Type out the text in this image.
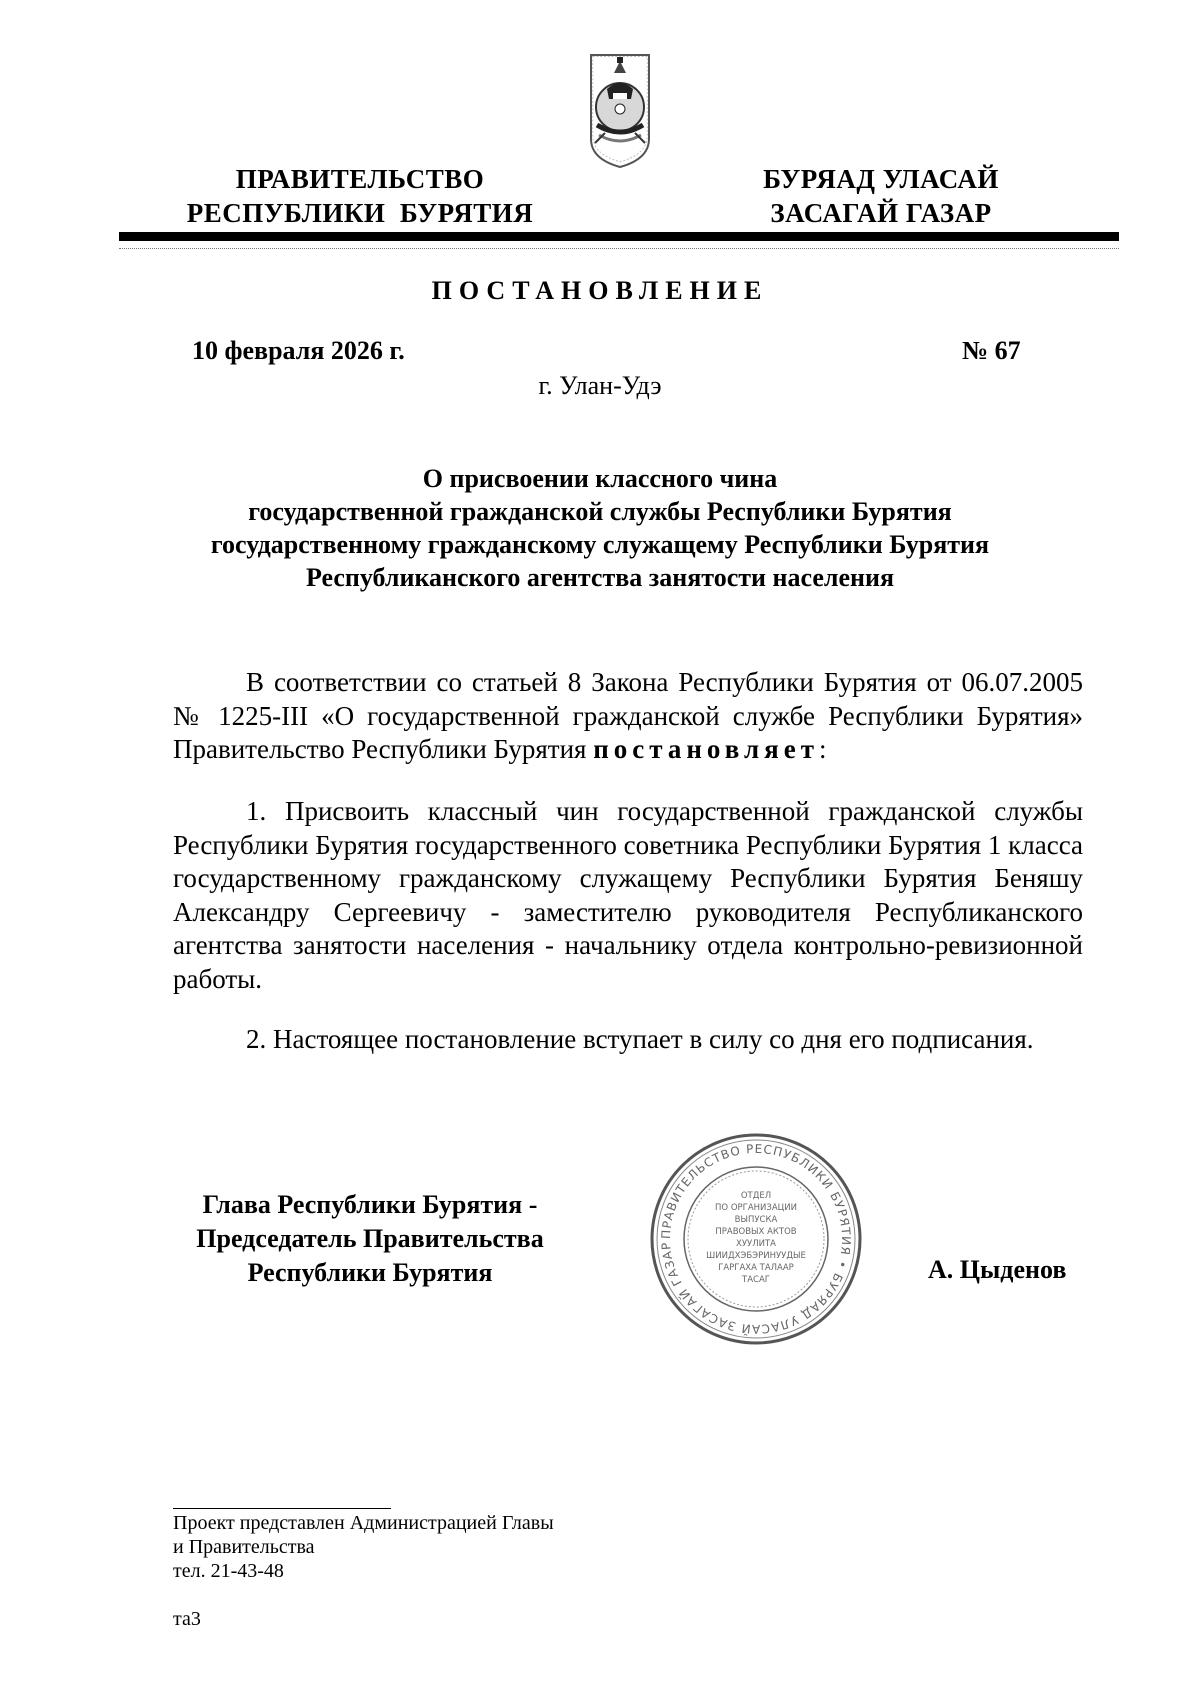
ПРАВИТЕЛЬСТВО
РЕСПУБЛИКИ  БУРЯТИЯ
БУРЯАД УЛАСАЙ
ЗАСАГАЙ ГАЗАР
ПОСТАНОВЛЕНИЕ
10 февраля 2026 г.	№ 67
г. Улан-Удэ
О присвоении классного чина
государственной гражданской службы Республики Бурятия
государственному гражданскому служащему Республики Бурятия
Республиканского агентства занятости населения
В соответствии со статьей 8 Закона Республики Бурятия от 06.07.2005 № 1225-III «О государственной гражданской службе Республики Бурятия» Правительство Республики Бурятия постановляет:
1. Присвоить классный чин государственной гражданской службы Республики Бурятия государственного советника Республики Бурятия 1 класса государственному гражданскому служащему Республики Бурятия Беняшу Александру Сергеевичу - заместителю руководителя Республиканского агентства занятости населения - начальнику отдела контрольно-ревизионной работы.
2. Настоящее постановление вступает в силу со дня его подписания.
Глава Республики Бурятия -
Председатель Правительства
Республики Бурятия
ПРАВИТЕЛЬСТВО РЕСПУБЛИКИ БУРЯТИЯ • БУРЯАД УЛАСАЙ ЗАСАГАЙ ГАЗАР
ОТДЕЛ
ПО ОРГАНИЗАЦИИ
ВЫПУСКА
ПРАВОВЫХ АКТОВ
ХУУЛИТА
ШИИДХЭБЭРИНУУДЫЕ
ГАРГАХА ТАЛААР
ТАСАГ	А. Цыденов
Проект представлен Администрацией Главы
и Правительства
тел. 21-43-48
та3
